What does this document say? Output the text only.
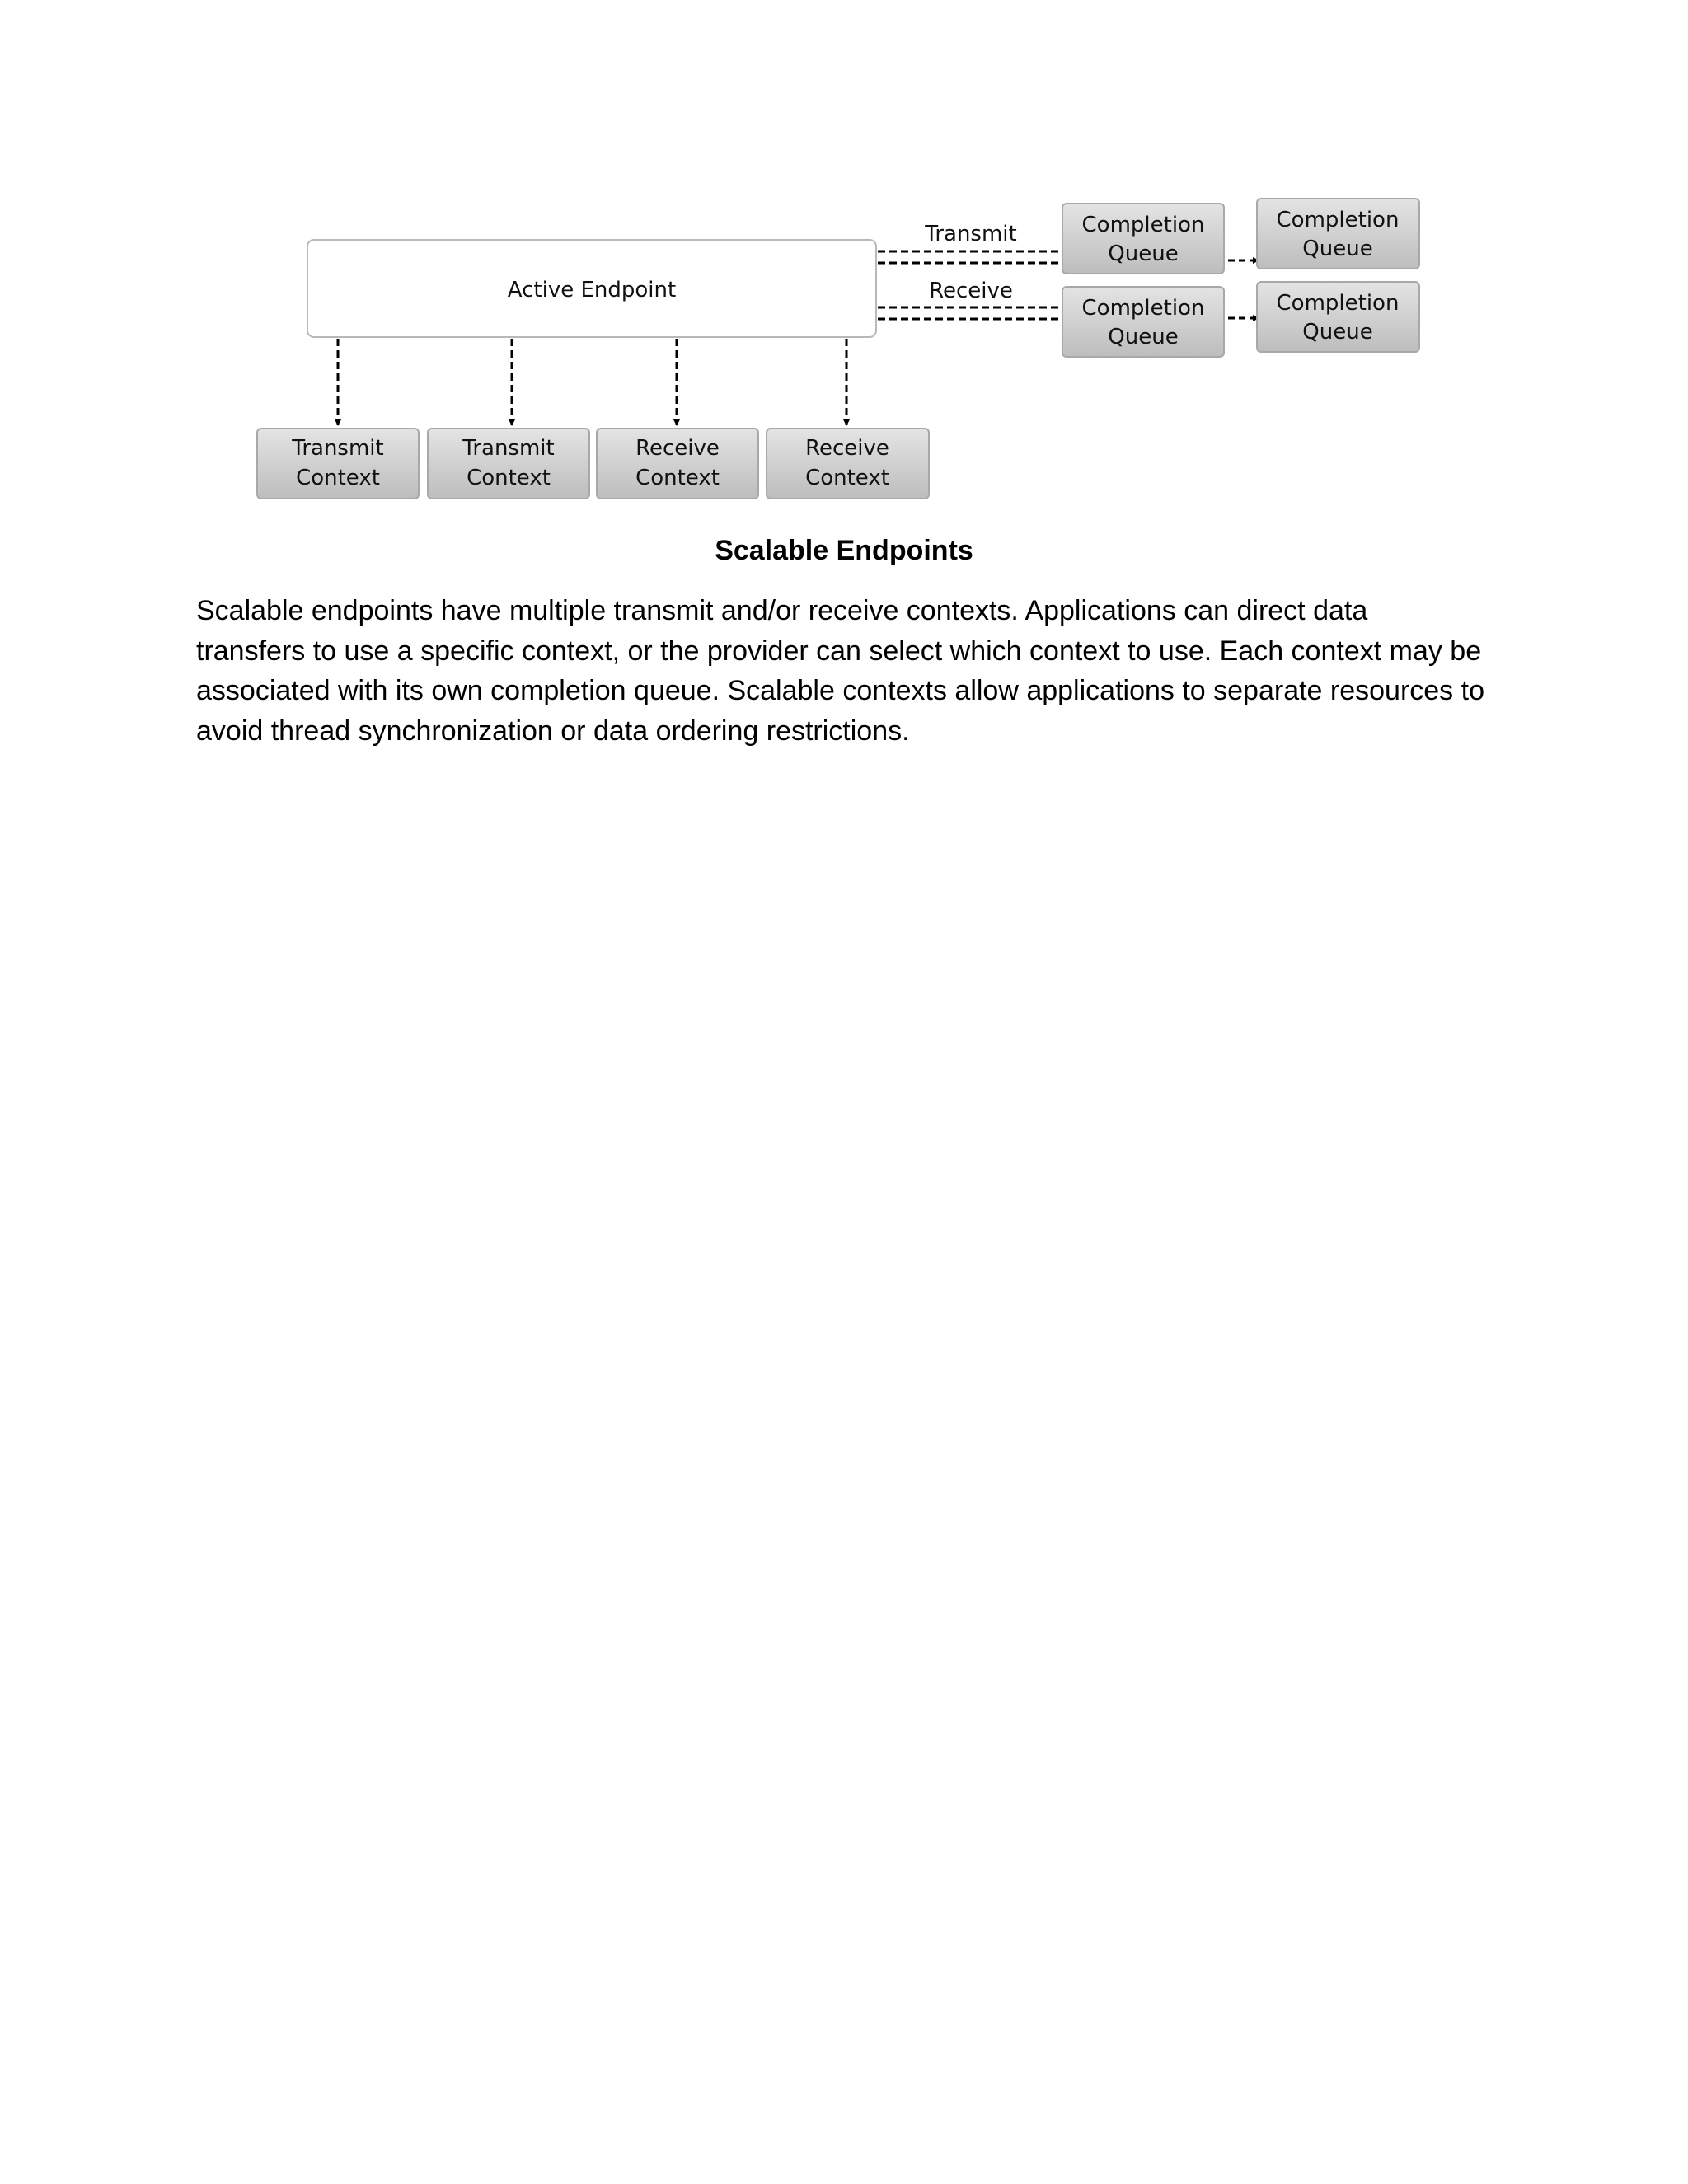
Active Endpoint
Transmit
Receive
Completion
Queue
Completion
Queue
Completion
Queue
Completion
Queue
Transmit
Context
Transmit
Context
Receive
Context
Receive
Context
Scalable Endpoints

Scalable endpoints have multiple transmit and/or receive contexts. Applications can direct data
transfers to use a specific context, or the provider can select which context to use. Each context may be
associated with its own completion queue. Scalable contexts allow applications to separate resources to
avoid thread synchronization or data ordering restrictions.
